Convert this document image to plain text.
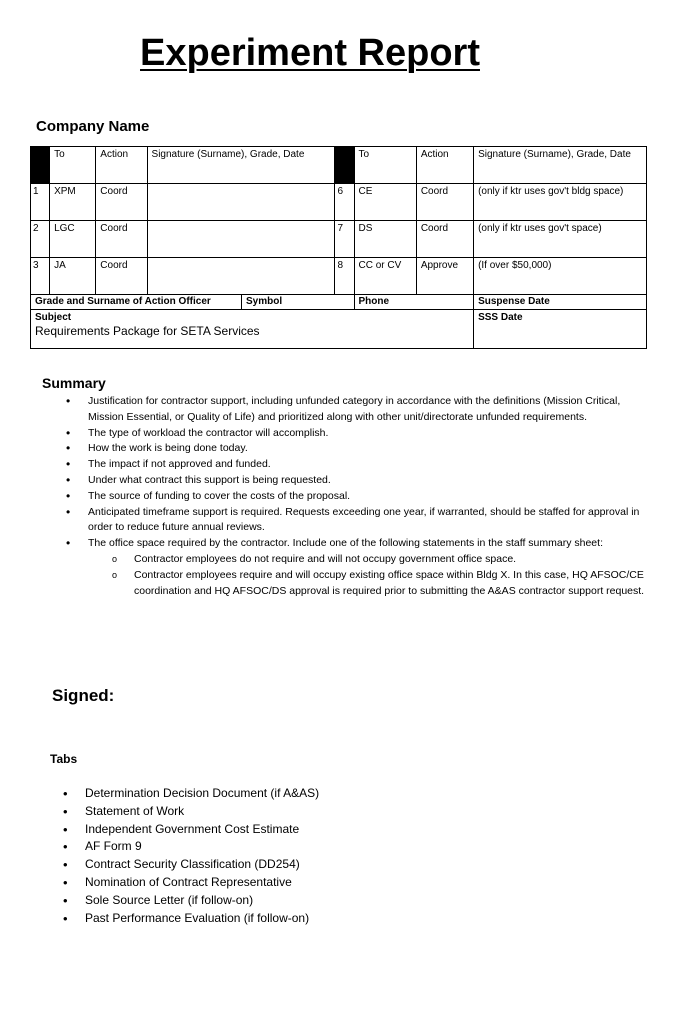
Experiment Report
Company Name
	To	Action	Signature (Surname), Grade, Date			To	Action	Signature (Surname), Grade, Date
1	XPM	Coord			6	CE	Coord	(only if ktr uses gov't bldg space)
2	LGC	Coord			7	DS	Coord	(only if ktr uses gov't space)
3	JA	Coord			8	CC or CV	Approve	(If over $50,000)
Grade and Surname of Action Officer				Symbol		Phone		Suspense Date

Subject
Requirements Package for SETA Services								SSS Date
Summary
• Justification for contractor support, including unfunded category in accordance with the definitions (Mission Critical, Mission Essential, or Quality of Life) and prioritized along with other unit/directorate unfunded requirements.
• The type of workload the contractor will accomplish.
• How the work is being done today.
• The impact if not approved and funded.
• Under what contract this support is being requested.
• The source of funding to cover the costs of the proposal.
• Anticipated timeframe support is required. Requests exceeding one year, if warranted, should be staffed for approval in order to reduce future annual reviews.
• The office space required by the contractor. Include one of the following statements in the staff summary sheet:
o Contractor employees do not require and will not occupy government office space.
o Contractor employees require and will occupy existing office space within Bldg X. In this case, HQ AFSOC/CE coordination and HQ AFSOC/DS approval is required prior to submitting the A&AS contractor support request.
Signed:
Tabs
• Determination Decision Document (if A&AS)
• Statement of Work
• Independent Government Cost Estimate
• AF Form 9
• Contract Security Classification (DD254)
• Nomination of Contract Representative
• Sole Source Letter (if follow-on)
• Past Performance Evaluation (if follow-on)
